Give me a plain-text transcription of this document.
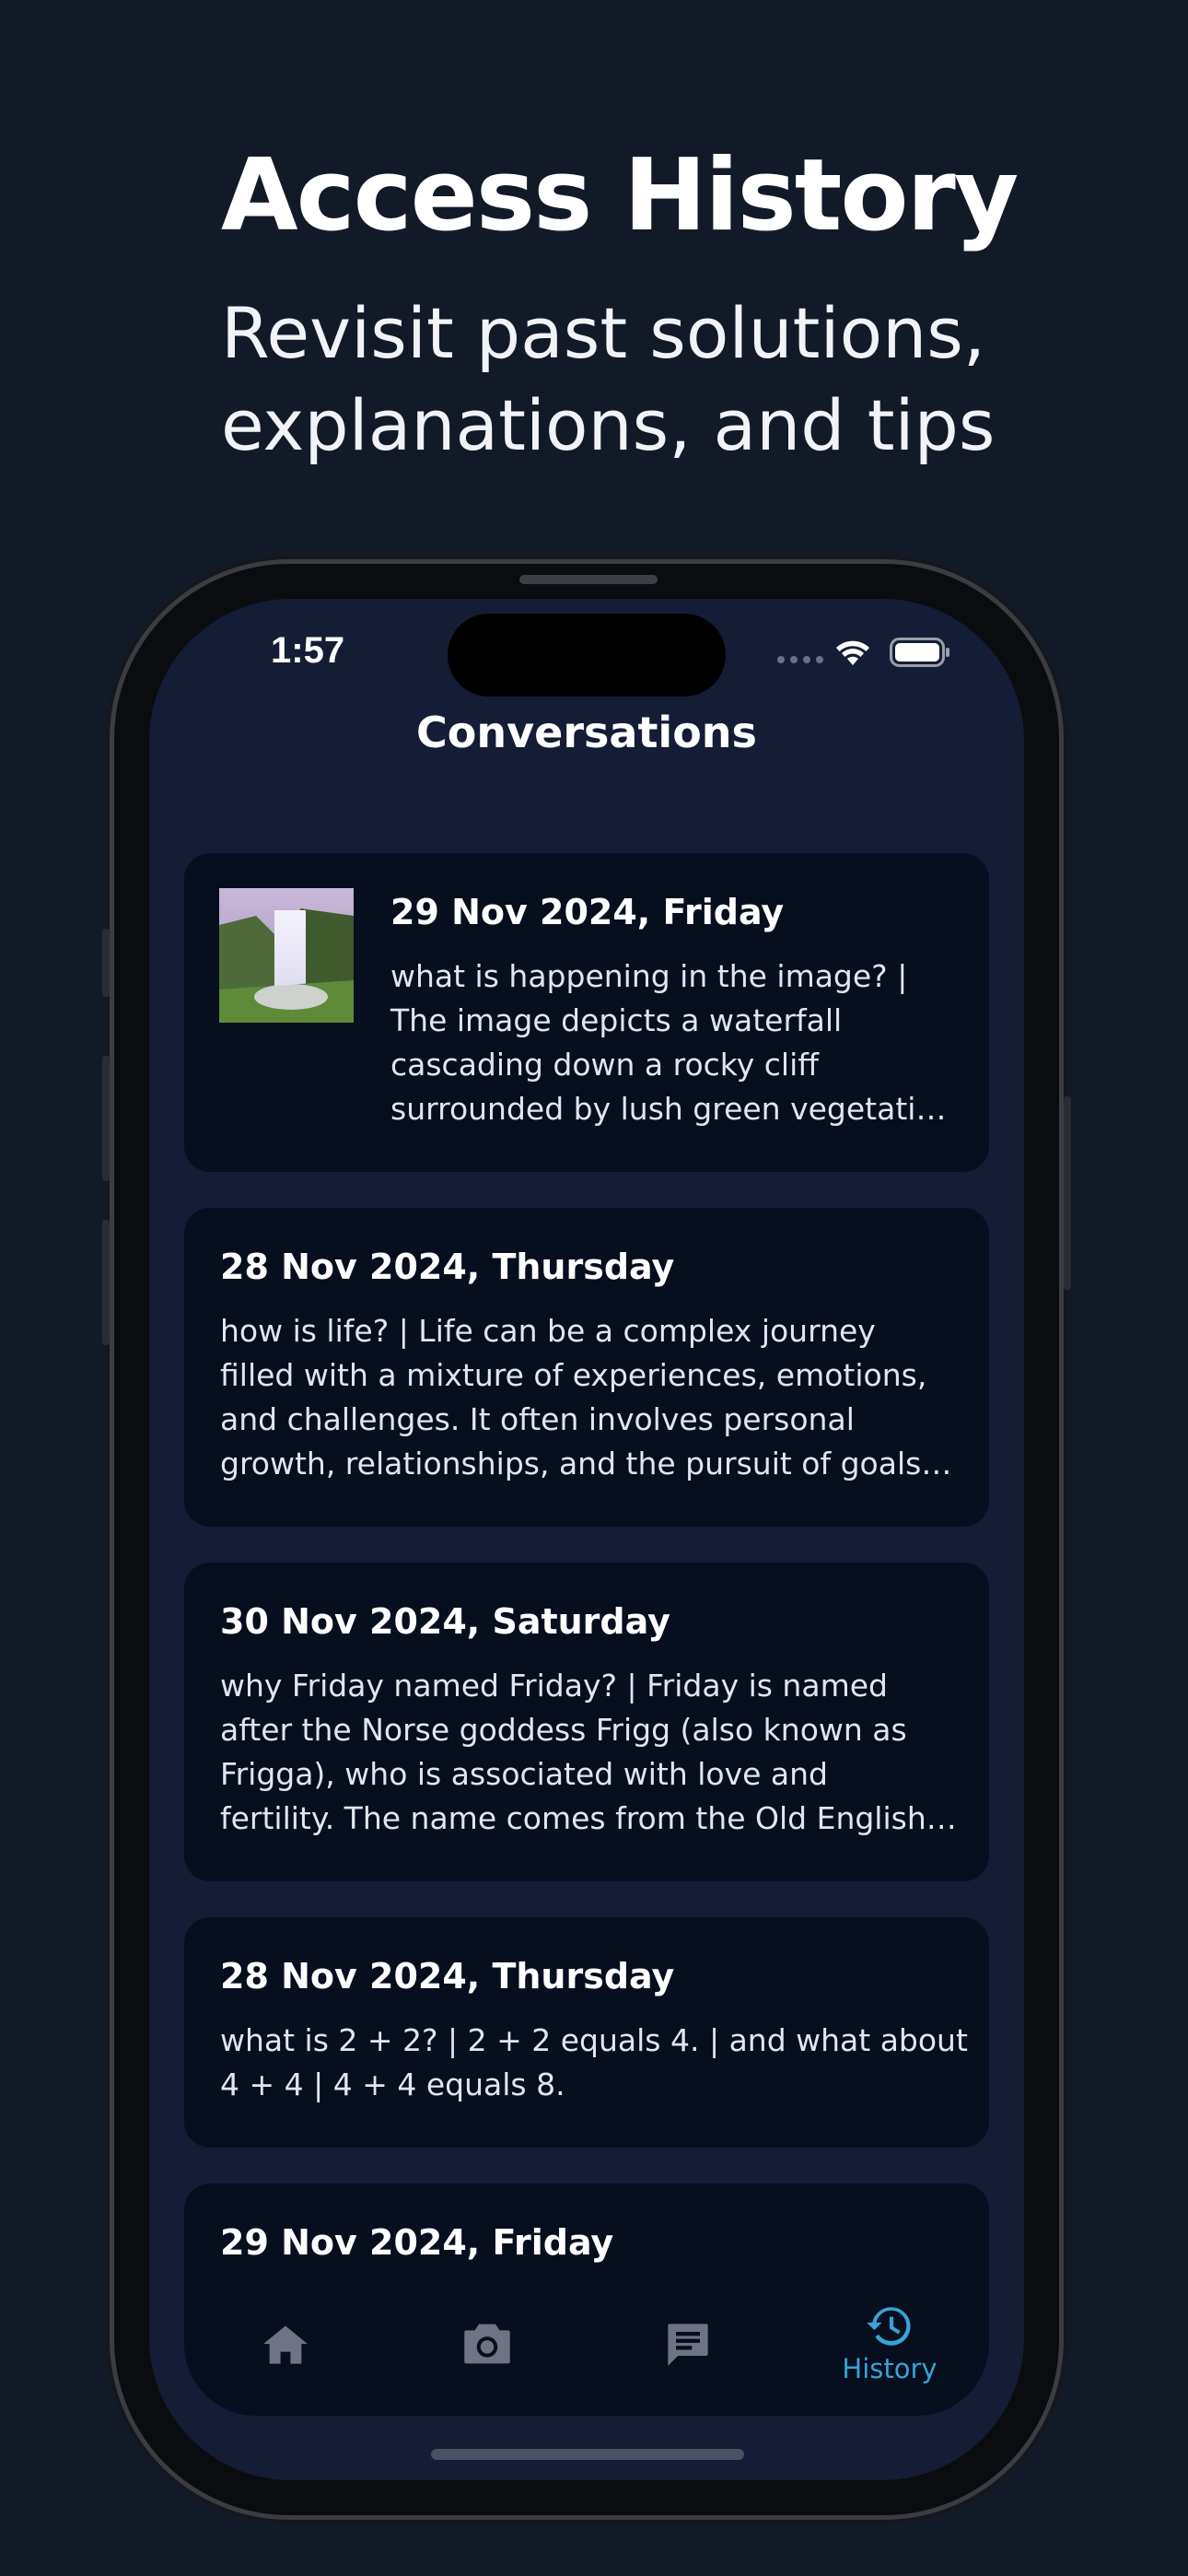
Access History
Revisit past solutions,
explanations, and tips
1:57
Conversations
29 Nov 2024, Friday
what is happening in the image? |
The image depicts a waterfall
cascading down a rocky cliff
surrounded by lush green vegetati…
28 Nov 2024, Thursday
how is life? | Life can be a complex journey
filled with a mixture of experiences, emotions,
and challenges. It often involves personal
growth, relationships, and the pursuit of goals…
30 Nov 2024, Saturday
why Friday named Friday? | Friday is named
after the Norse goddess Frigg (also known as
Frigga), who is associated with love and
fertility. The name comes from the Old English…
28 Nov 2024, Thursday
what is 2 + 2? | 2 + 2 equals 4. | and what about
4 + 4 | 4 + 4 equals 8.
29 Nov 2024, Friday
History
